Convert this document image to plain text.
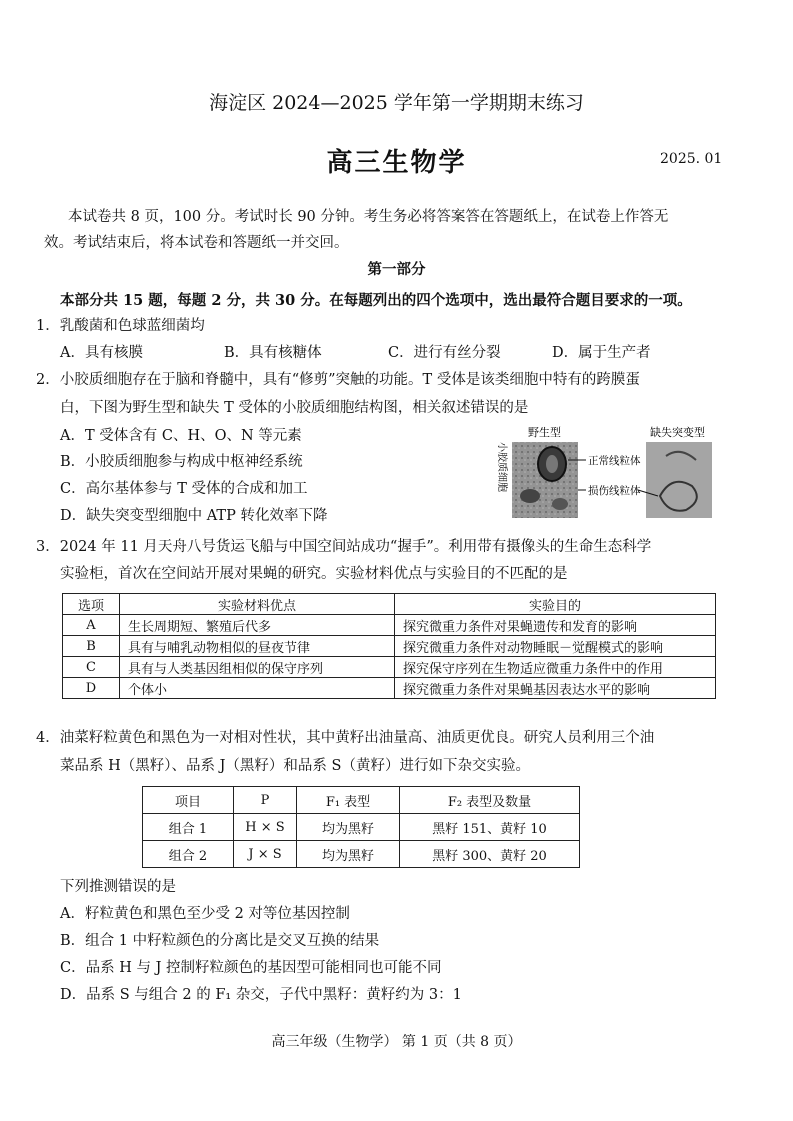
海淀区 2024—2025 学年第一学期期末练习
高三生物学	2025. 01
本试卷共 8 页，100 分。考试时长 90 分钟。考生务必将答案答在答题纸上，在试卷上作答无
效。考试结束后，将本试卷和答题纸一并交回。
第一部分
本部分共 15 题，每题 2 分，共 30 分。在每题列出的四个选项中，选出最符合题目要求的一项。
1．乳酸菌和色球蓝细菌均
A．具有核膜	B．具有核糖体	C．进行有丝分裂	D．属于生产者
2．小胶质细胞存在于脑和脊髓中，具有“修剪”突触的功能。T 受体是该类细胞中特有的跨膜蛋
白，下图为野生型和缺失 T 受体的小胶质细胞结构图，相关叙述错误的是
A．T 受体含有 C、H、O、N 等元素
B．小胶质细胞参与构成中枢神经系统
C．高尔基体参与 T 受体的合成和加工
D．缺失突变型细胞中 ATP 转化效率下降
野生型	缺失突变型
小胶质细胞	正常线粒体
损伤线粒体
3．2024 年 11 月天舟八号货运飞船与中国空间站成功“握手”。利用带有摄像头的生命生态科学
实验柜，首次在空间站开展对果蝇的研究。实验材料优点与实验目的不匹配的是
选项	实验材料优点	实验目的
A	生长周期短、繁殖后代多	探究微重力条件对果蝇遗传和发育的影响
B	具有与哺乳动物相似的昼夜节律	探究微重力条件对动物睡眠－觉醒模式的影响
C	具有与人类基因组相似的保守序列	探究保守序列在生物适应微重力条件中的作用
D	个体小	探究微重力条件对果蝇基因表达水平的影响
4．油菜籽粒黄色和黑色为一对相对性状，其中黄籽出油量高、油质更优良。研究人员利用三个油
菜品系 H（黑籽）、品系 J（黑籽）和品系 S（黄籽）进行如下杂交实验。
项目	P	F₁ 表型	F₂ 表型及数量
组合 1	H × S	均为黑籽	黑籽 151、黄籽 10
组合 2	J × S	均为黑籽	黑籽 300、黄籽 20
下列推测错误的是
A．籽粒黄色和黑色至少受 2 对等位基因控制
B．组合 1 中籽粒颜色的分离比是交叉互换的结果
C．品系 H 与 J 控制籽粒颜色的基因型可能相同也可能不同
D．品系 S 与组合 2 的 F₁ 杂交，子代中黑籽：黄籽约为 3：1
高三年级（生物学） 第 1 页（共 8 页）
